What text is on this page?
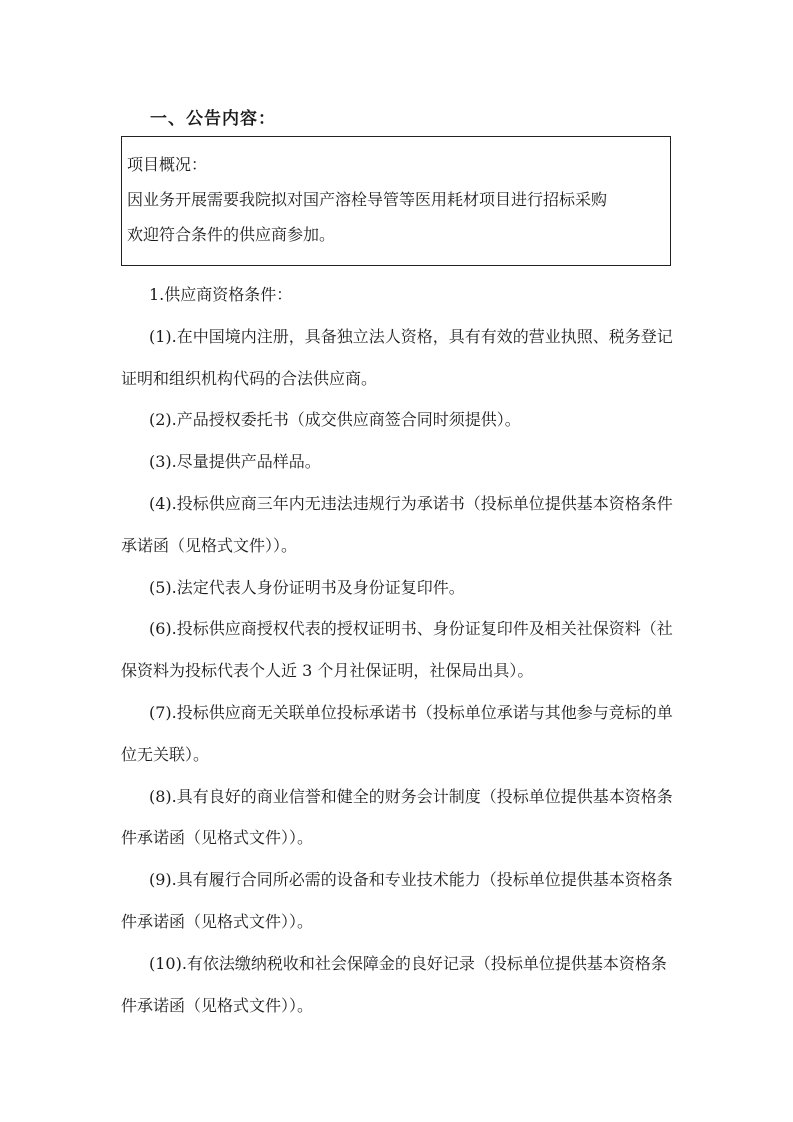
一、公告内容：

项目概况：

因业务开展需要我院拟对国产溶栓导管等医用耗材项目进行招标采购

欢迎符合条件的供应商参加。

1.供应商资格条件：

(1).在中国境内注册，具备独立法人资格，具有有效的营业执照、税务登记证明和组织机构代码的合法供应商。

(2).产品授权委托书（成交供应商签合同时须提供）。

(3).尽量提供产品样品。

(4).投标供应商三年内无违法违规行为承诺书（投标单位提供基本资格条件承诺函（见格式文件））。

(5).法定代表人身份证明书及身份证复印件。

(6).投标供应商授权代表的授权证明书、身份证复印件及相关社保资料（社保资料为投标代表个人近 3 个月社保证明，社保局出具）。

(7).投标供应商无关联单位投标承诺书（投标单位承诺与其他参与竞标的单位无关联）。

(8).具有良好的商业信誉和健全的财务会计制度（投标单位提供基本资格条件承诺函（见格式文件））。

(9).具有履行合同所必需的设备和专业技术能力（投标单位提供基本资格条件承诺函（见格式文件））。

(10).有依法缴纳税收和社会保障金的良好记录（投标单位提供基本资格条件承诺函（见格式文件））。
